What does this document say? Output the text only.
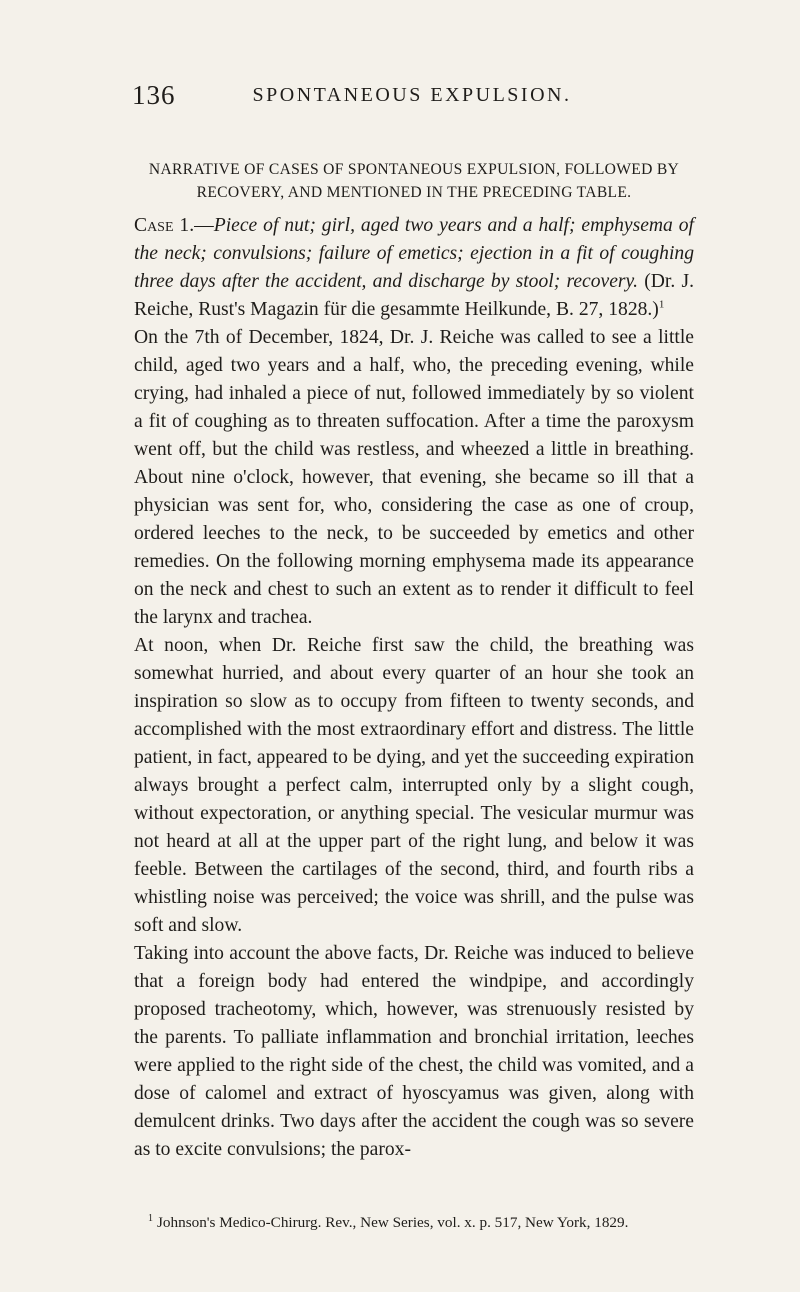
136	SPONTANEOUS EXPULSION.
NARRATIVE OF CASES OF SPONTANEOUS EXPULSION, FOLLOWED BY
RECOVERY, AND MENTIONED IN THE PRECEDING TABLE.

Case 1.—Piece of nut; girl, aged two years and a half; emphysema of the neck; convulsions; failure of emetics; ejection in a fit of coughing three days after the accident, and discharge by stool; recovery. (Dr. J. Reiche, Rust's Magazin für die gesammte Heilkunde, B. 27, 1828.)$^1$

On the 7th of December, 1824, Dr. J. Reiche was called to see a little child, aged two years and a half, who, the preceding evening, while crying, had inhaled a piece of nut, followed immediately by so violent a fit of coughing as to threaten suffocation. After a time the paroxysm went off, but the child was restless, and wheezed a little in breathing. About nine o'clock, however, that evening, she became so ill that a physician was sent for, who, considering the case as one of croup, ordered leeches to the neck, to be succeeded by emetics and other remedies. On the following morning emphysema made its appearance on the neck and chest to such an extent as to render it difficult to feel the larynx and trachea.

At noon, when Dr. Reiche first saw the child, the breathing was somewhat hurried, and about every quarter of an hour she took an inspiration so slow as to occupy from fifteen to twenty seconds, and accomplished with the most extraordinary effort and distress. The little patient, in fact, appeared to be dying, and yet the succeeding expiration always brought a perfect calm, interrupted only by a slight cough, without expectoration, or anything special. The vesicular murmur was not heard at all at the upper part of the right lung, and below it was feeble. Between the cartilages of the second, third, and fourth ribs a whistling noise was perceived; the voice was shrill, and the pulse was soft and slow.

Taking into account the above facts, Dr. Reiche was induced to believe that a foreign body had entered the windpipe, and accordingly proposed tracheotomy, which, however, was strenuously resisted by the parents. To palliate inflammation and bronchial irritation, leeches were applied to the right side of the chest, the child was vomited, and a dose of calomel and extract of hyoscyamus was given, along with demulcent drinks. Two days after the accident the cough was so severe as to excite convulsions; the parox-

$^1$ Johnson's Medico-Chirurg. Rev., New Series, vol. x. p. 517, New York, 1829.
